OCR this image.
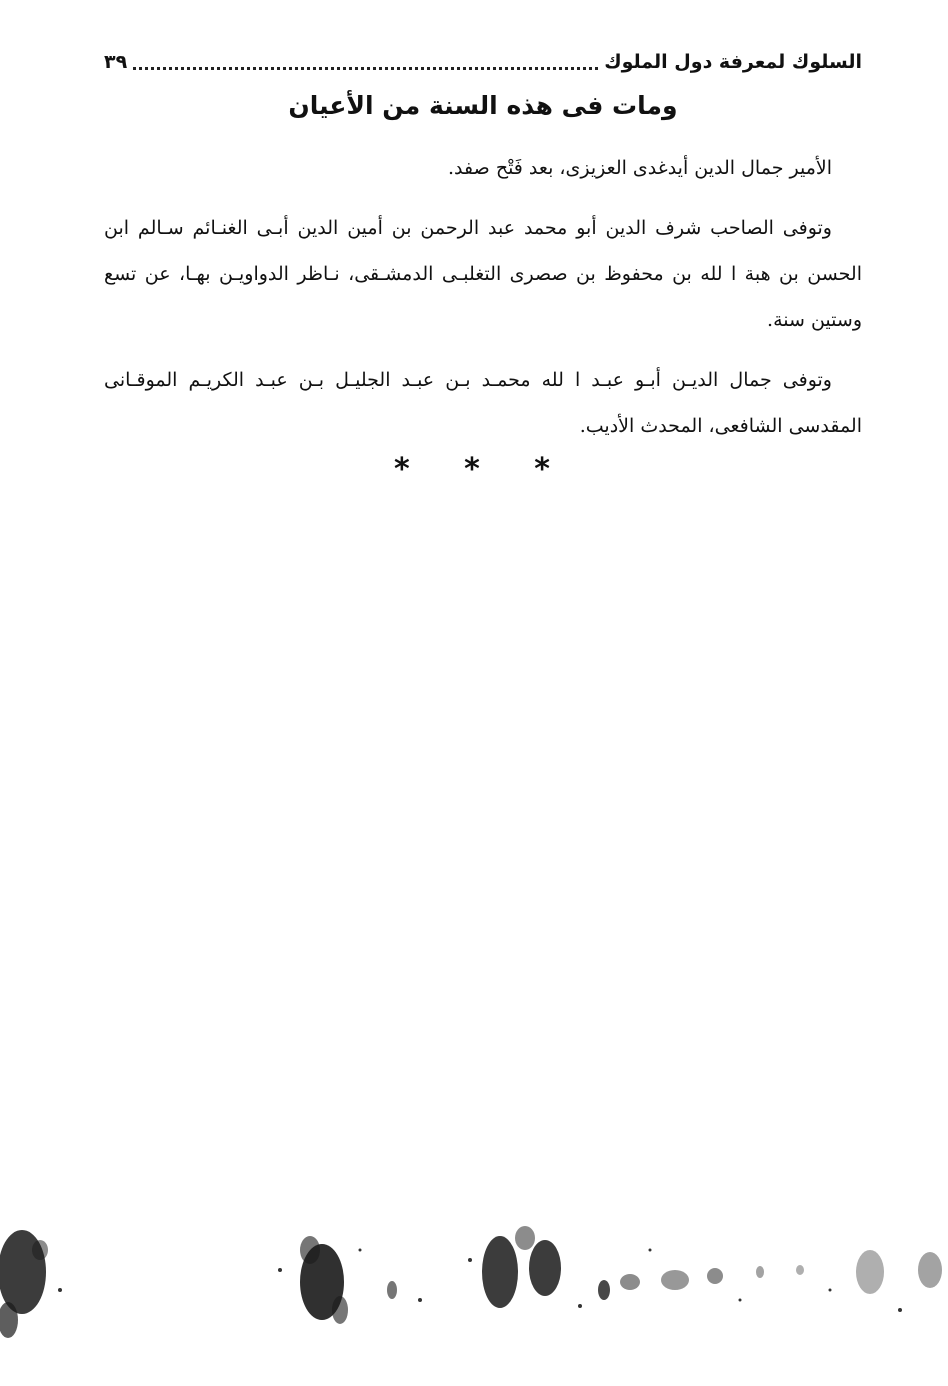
السلوك لمعرفة دول الملوك
٣٩
ومات فى هذه السنة من الأعيان

الأمير جمال الدين أيدغدى العزيزى، بعد فَتْح صفد.

وتوفى الصاحب شرف الدين أبو محمد عبد الرحمن بن أمين الدين أبـى الغنـائم سـالم ابن الحسن بن هبة ا لله بن محفوظ بن صصرى التغلبـى الدمشـقى، نـاظر الدواويـن بهـا، عن تسع وستين سنة.

وتوفى جمال الديـن أبـو عبـد ا لله محمـد بـن عبـد الجليـل بـن عبـد الكريـم الموقـانى المقدسى الشافعى، المحدث الأديب.

* * *
